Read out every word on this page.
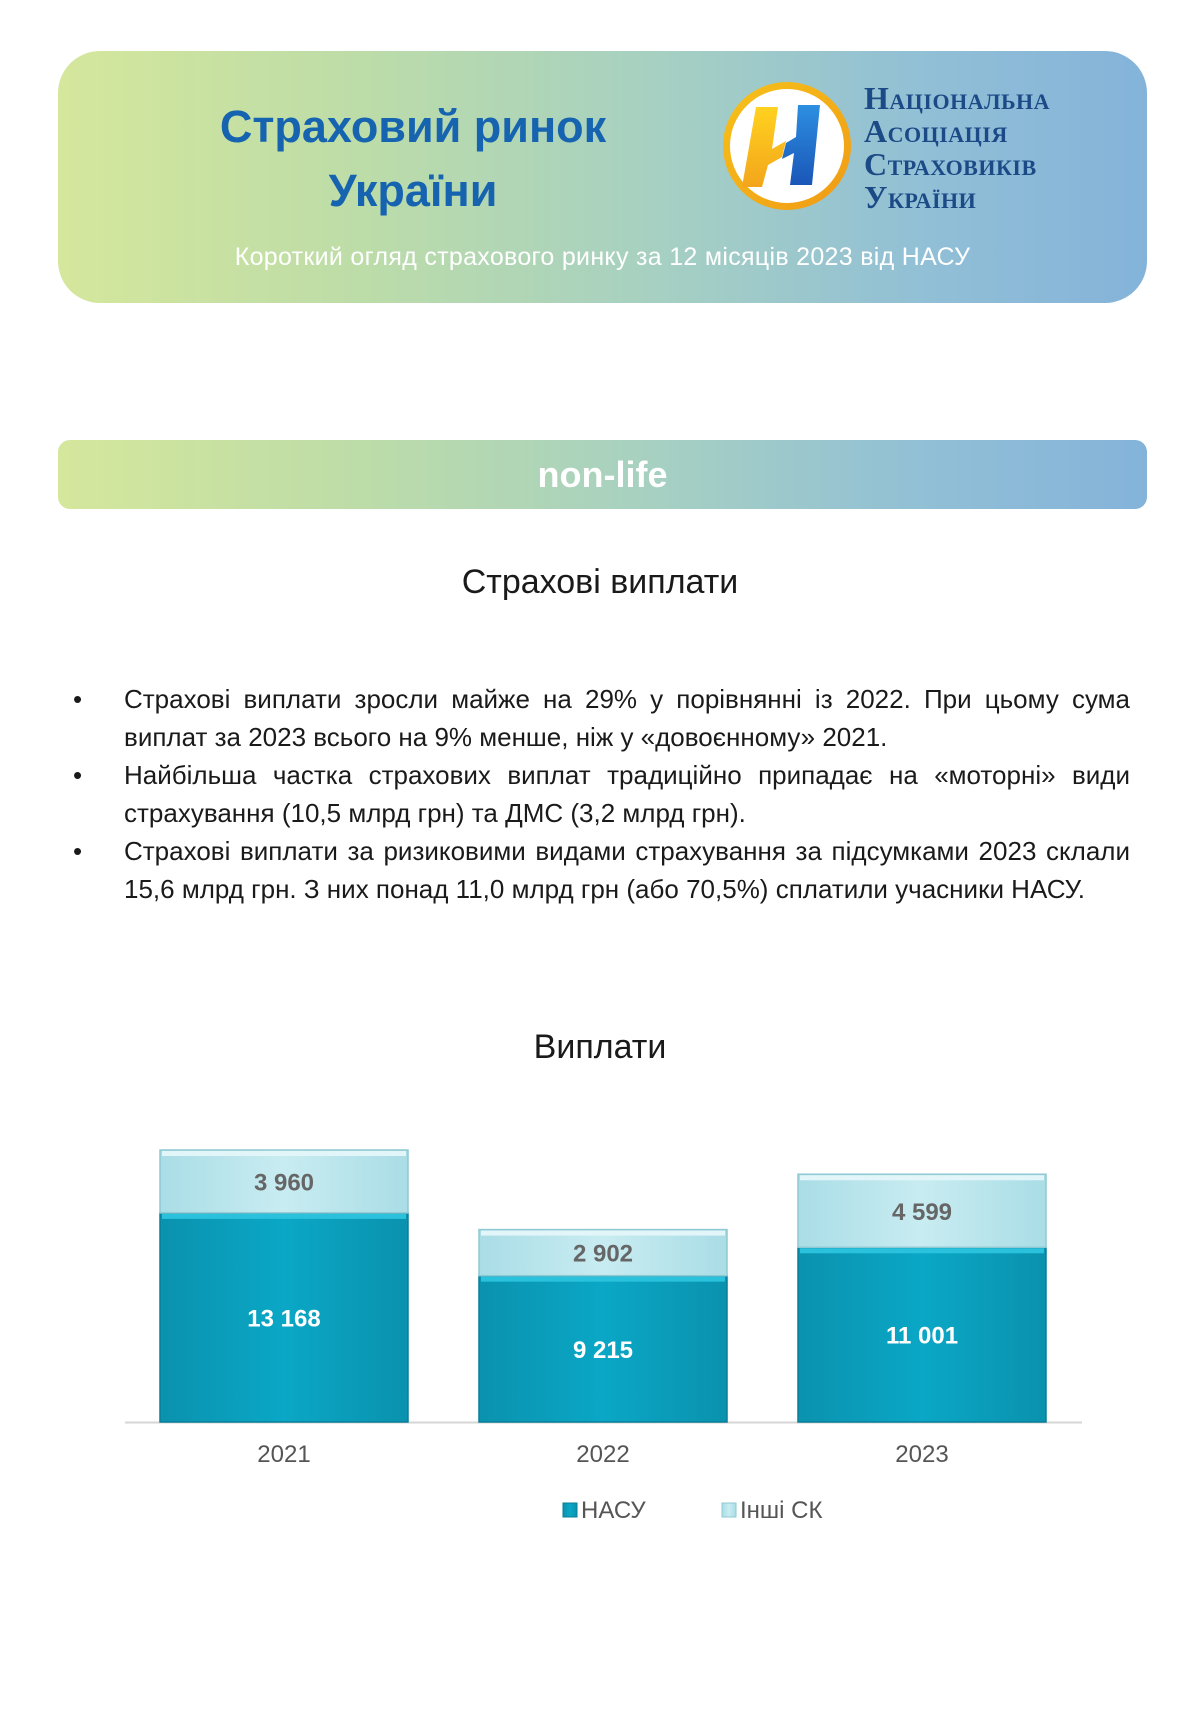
Страховий ринок
України
Національна
Асоціація
Страховиків
України
Короткий огляд страхового ринку за 12 місяців 2023 від НАСУ
non-life
Страхові виплати
• Страхові виплати зросли майже на 29% у порівнянні із 2022. При цьому сума виплат за 2023 всього на 9% менше, ніж у «довоєнному» 2021.
• Найбільша частка страхових виплат традиційно припадає на «моторні» види страхування (10,5 млрд грн) та ДМС (3,2 млрд грн).
• Страхові виплати за ризиковими видами страхування за підсумками 2023 склали 15,6 млрд грн. З них понад 11,0 млрд грн (або 70,5%) сплатили учасники НАСУ.
Виплати
13 168
3 960
2021
9 215
2 902
2022
11 001
4 599
2023
НАСУ	Інші СК
